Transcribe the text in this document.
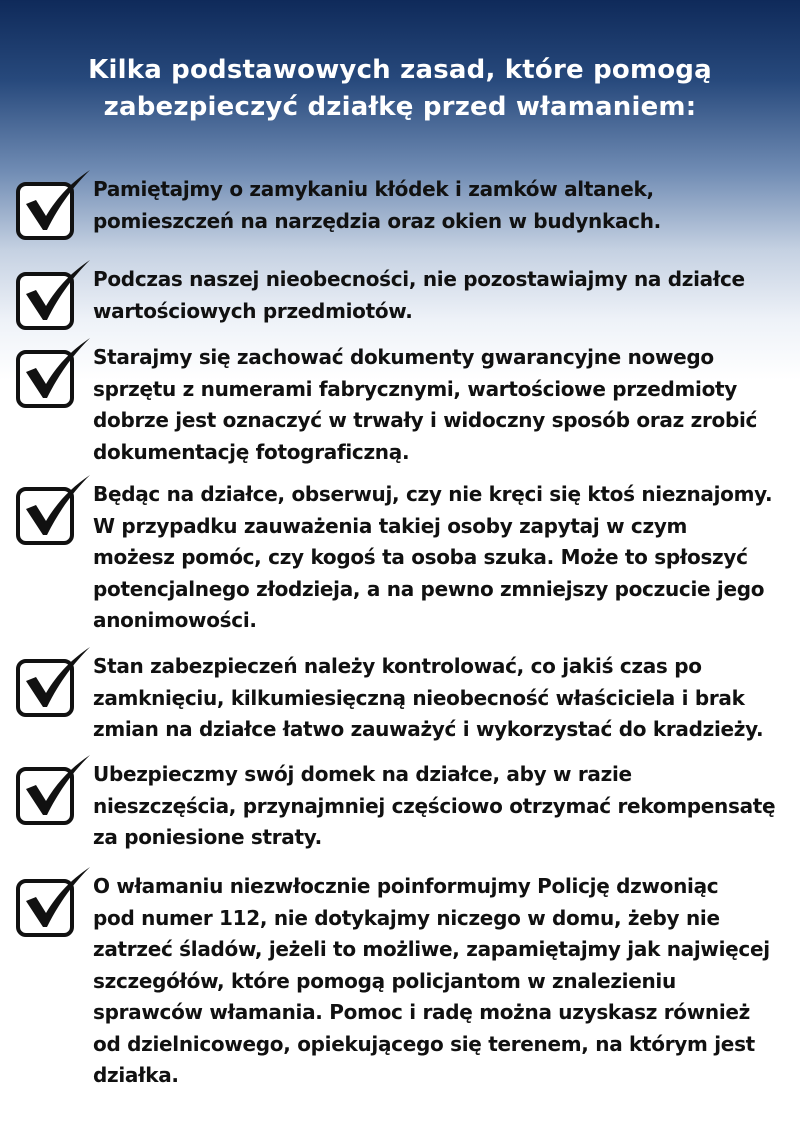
Kilka podstawowych zasad, które pomogą
zabezpieczyć działkę przed włamaniem:
Pamiętajmy o zamykaniu kłódek i zamków altanek,
pomieszczeń na narzędzia oraz okien w budynkach.
Podczas naszej nieobecności, nie pozostawiajmy na działce
wartościowych przedmiotów.
Starajmy się zachować dokumenty gwarancyjne nowego
sprzętu z numerami fabrycznymi, wartościowe przedmioty
dobrze jest oznaczyć w trwały i widoczny sposób oraz zrobić
dokumentację fotograficzną.
Będąc na działce, obserwuj, czy nie kręci się ktoś nieznajomy.
W przypadku zauważenia takiej osoby zapytaj w czym
możesz pomóc, czy kogoś ta osoba szuka. Może to spłoszyć
potencjalnego złodzieja, a na pewno zmniejszy poczucie jego
anonimowości.
Stan zabezpieczeń należy kontrolować, co jakiś czas po
zamknięciu, kilkumiesięczną nieobecność właściciela i brak
zmian na działce łatwo zauważyć i wykorzystać do kradzieży.
Ubezpieczmy swój domek na działce, aby w razie
nieszczęścia, przynajmniej częściowo otrzymać rekompensatę
za poniesione straty.
O włamaniu niezwłocznie poinformujmy Policję dzwoniąc
pod numer 112, nie dotykajmy niczego w domu, żeby nie
zatrzeć śladów, jeżeli to możliwe, zapamiętajmy jak najwięcej
szczegółów, które pomogą policjantom w znalezieniu
sprawców włamania. Pomoc i radę można uzyskasz również
od dzielnicowego, opiekującego się terenem, na którym jest
działka.
